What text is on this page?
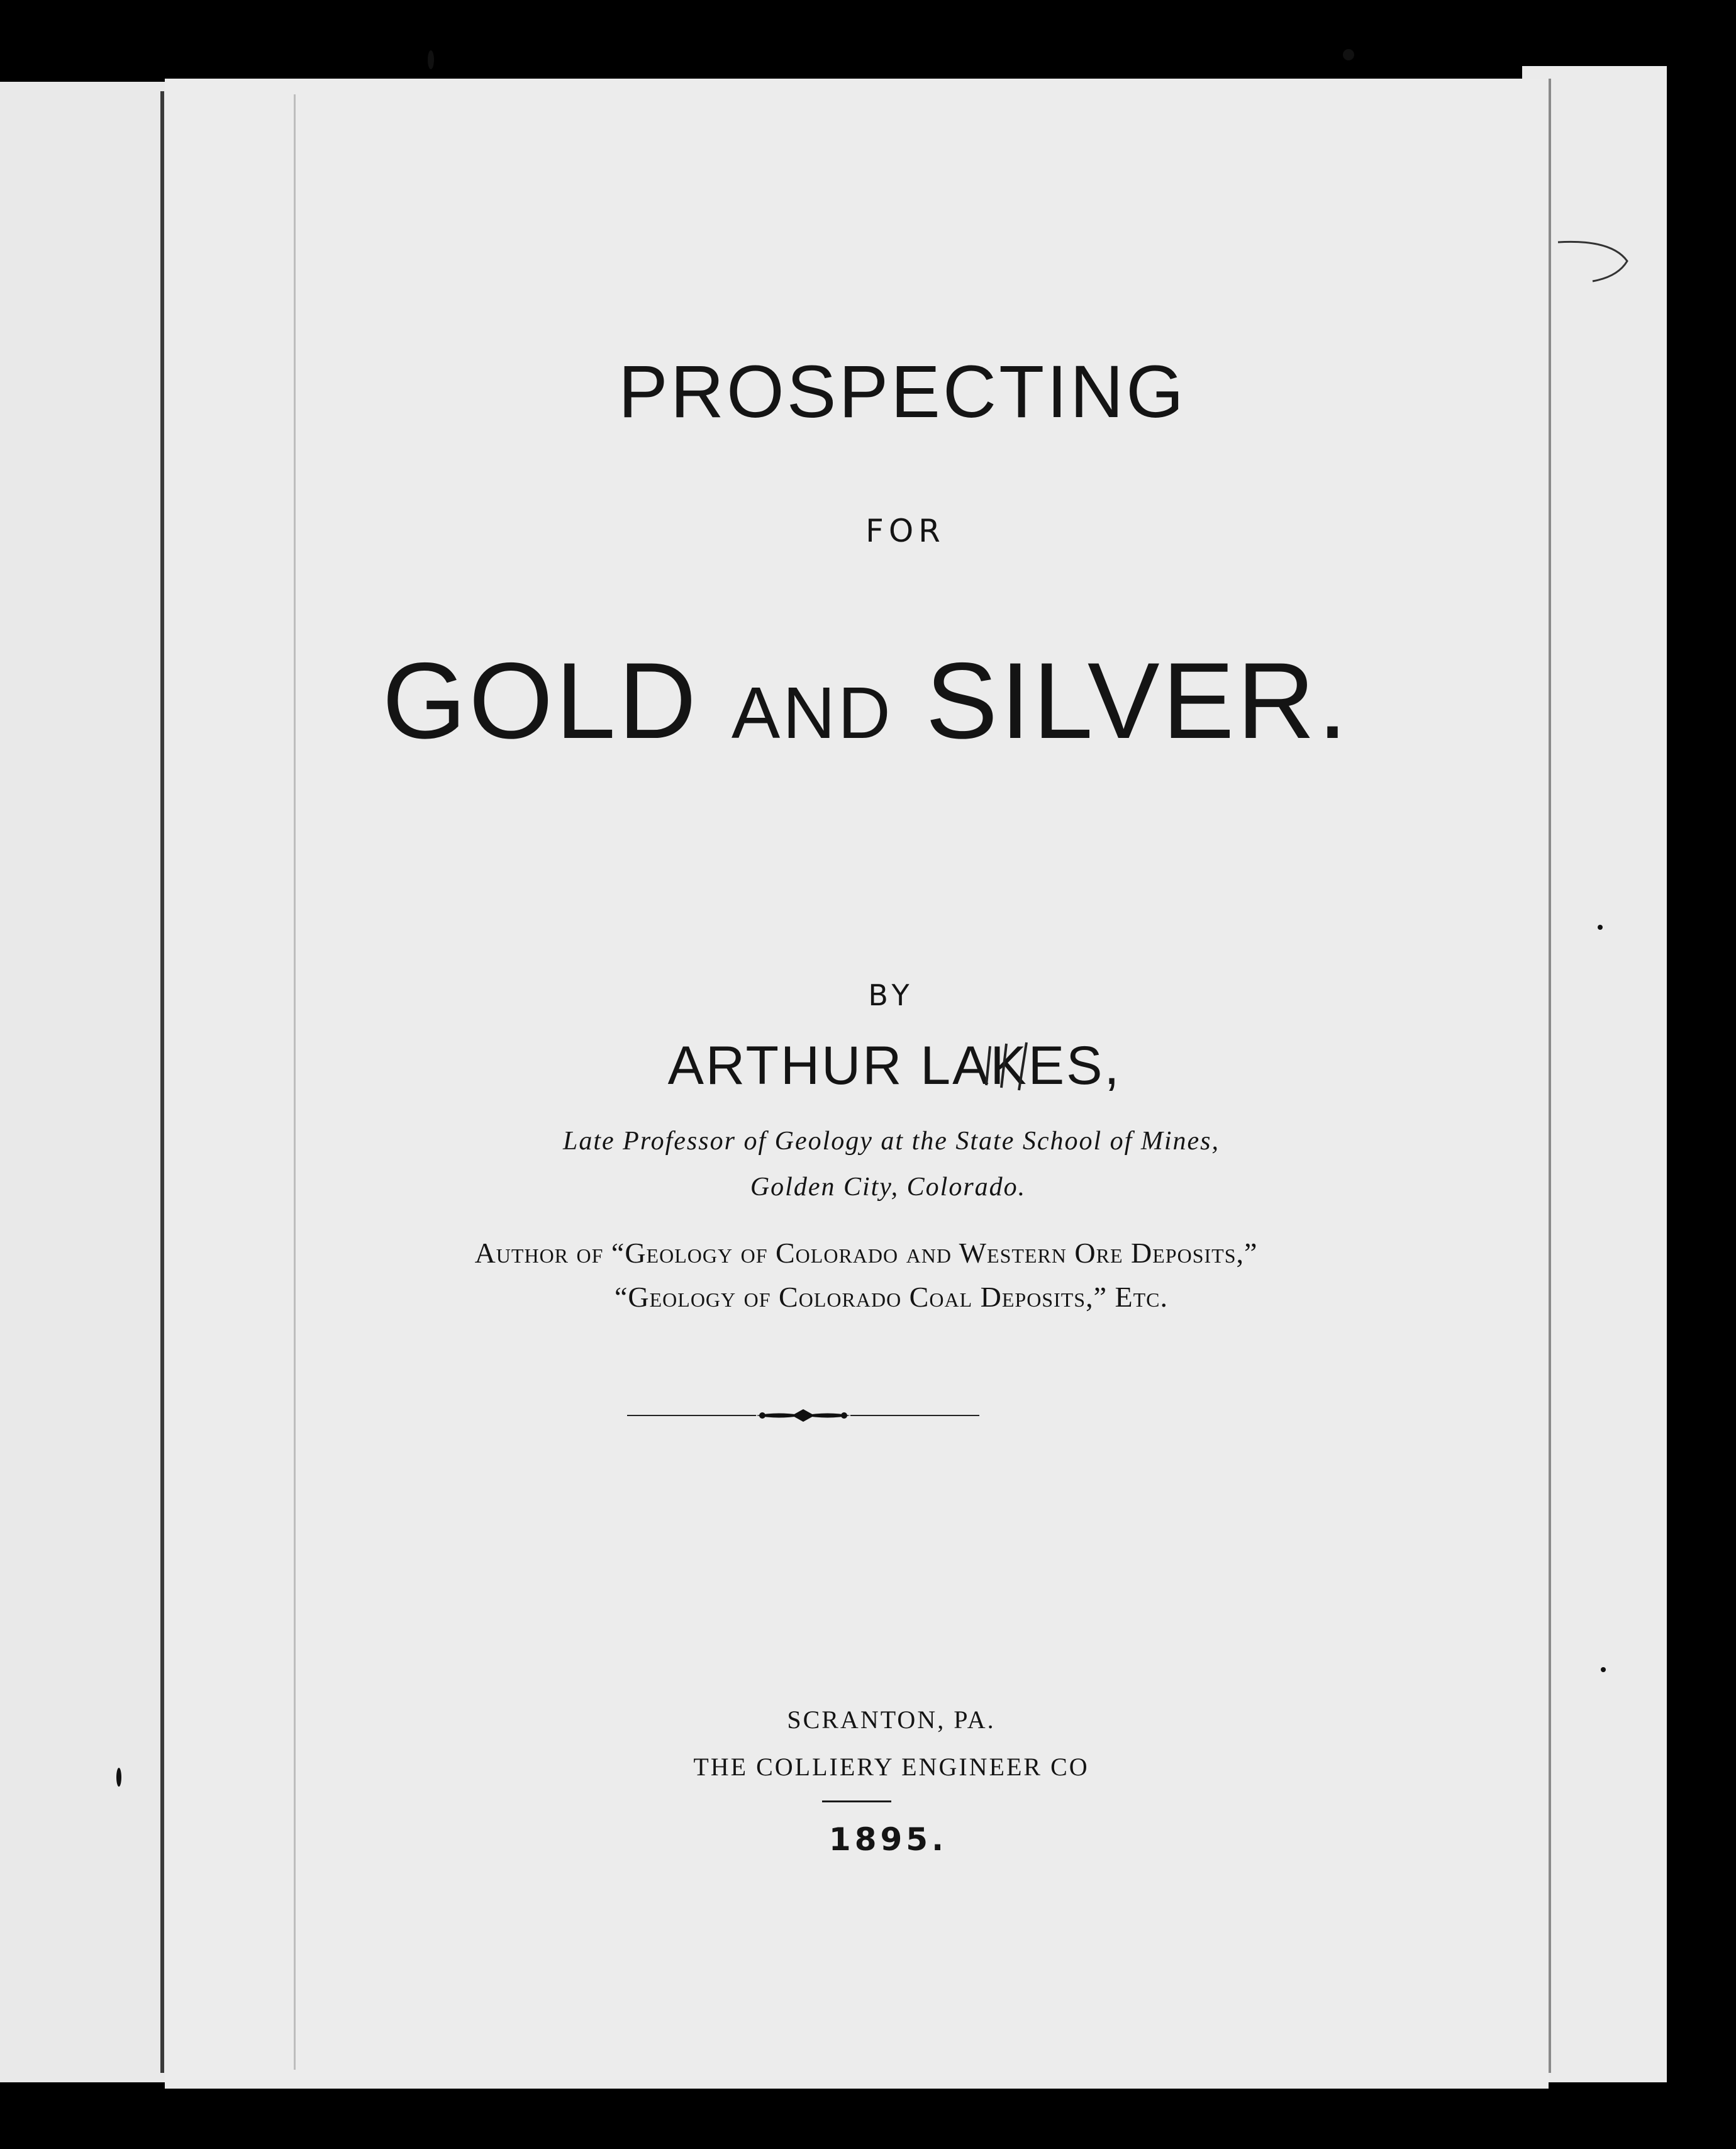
PROSPECTING
FOR
GOLD AND SILVER.
BY
ARTHUR LAKES,
Late Professor of Geology at the State School of Mines,
Golden City, Colorado.
Author of “Geology of Colorado and Western Ore Deposits,”
“Geology of Colorado Coal Deposits,” Etc.
SCRANTON, PA.
THE COLLIERY ENGINEER CO
1895.
